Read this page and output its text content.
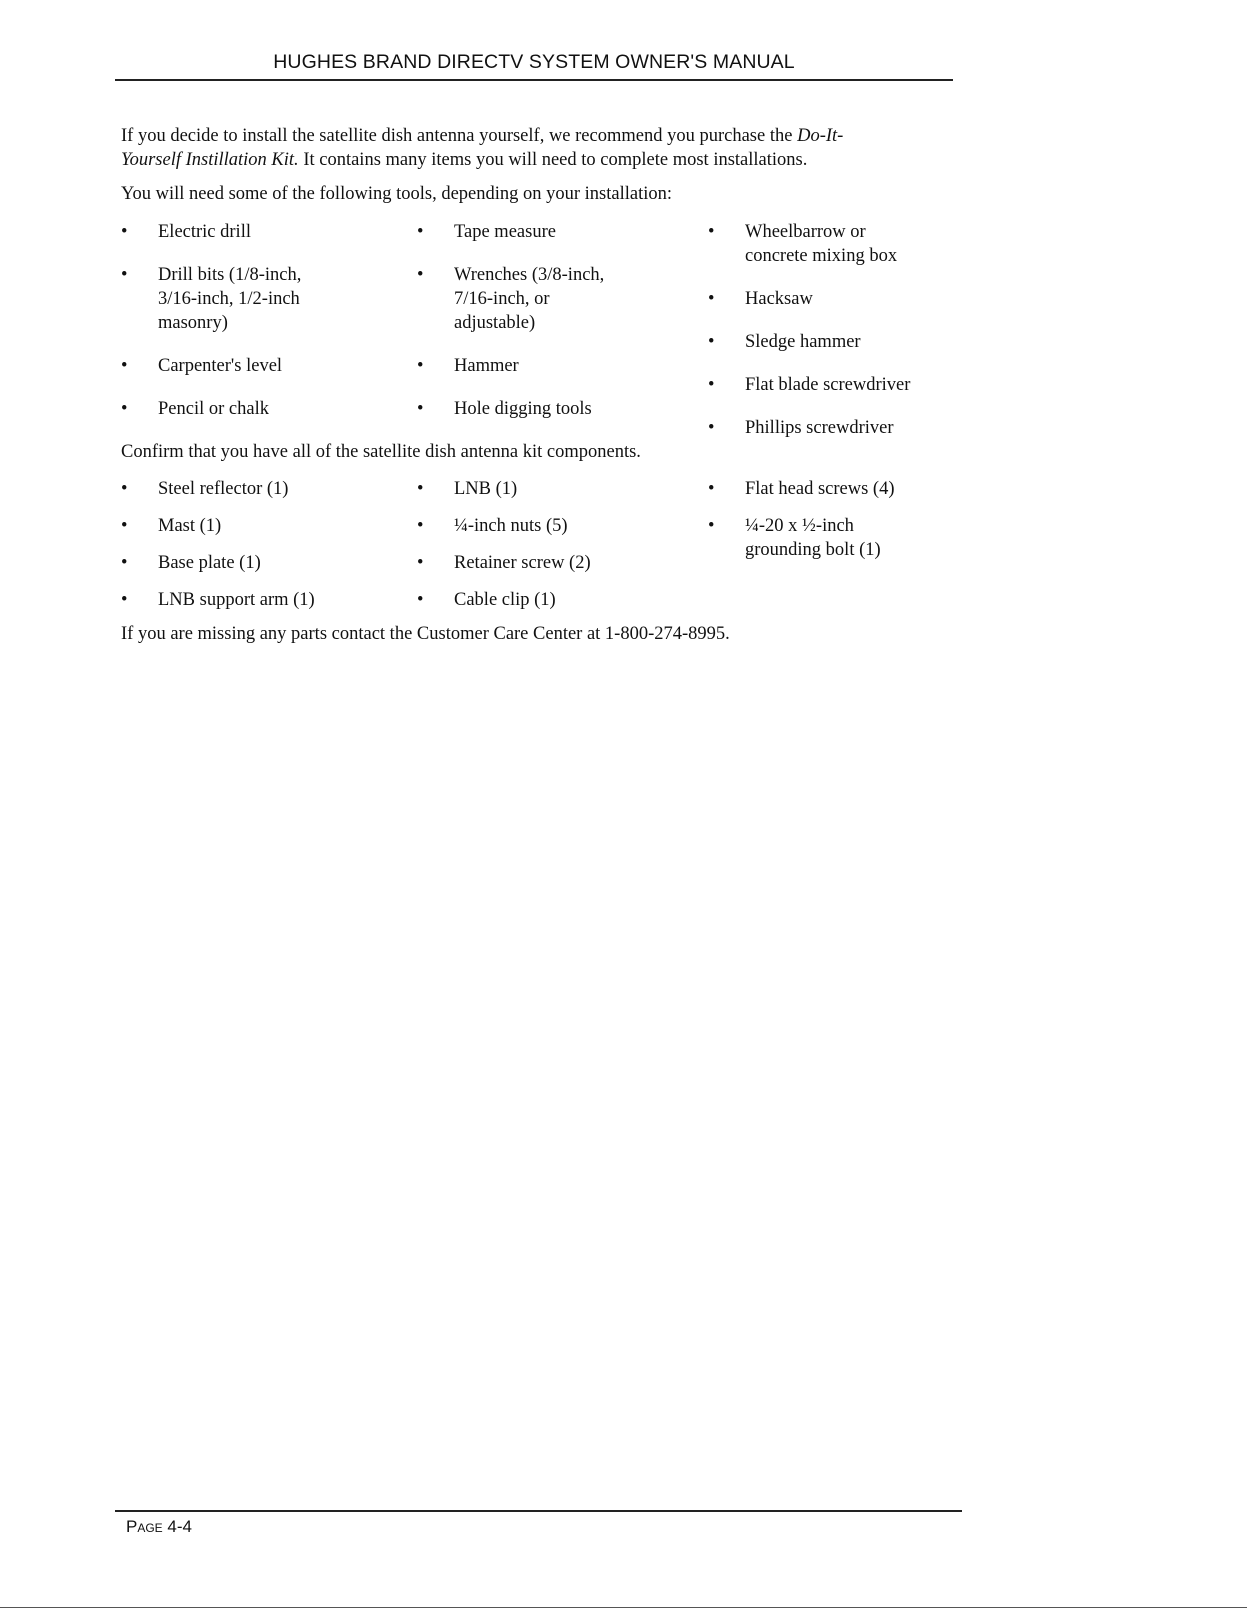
HUGHES BRAND DIRECTV SYSTEM OWNER'S MANUAL
If you decide to install the satellite dish antenna yourself, we recommend you purchase the Do-It-
Yourself Instillation Kit. It contains many items you will need to complete most installations.
You will need some of the following tools, depending on your installation:
• Electric drill
• Drill bits (1/8-inch,
3/16-inch, 1/2-inch
masonry)
• Carpenter's level
• Pencil or chalk
• Tape measure
• Wrenches (3/8-inch,
7/16-inch, or
adjustable)
• Hammer
• Hole digging tools
• Wheelbarrow or
concrete mixing box
• Hacksaw
• Sledge hammer
• Flat blade screwdriver
• Phillips screwdriver
Confirm that you have all of the satellite dish antenna kit components.
• Steel reflector (1)
• Mast (1)
• Base plate (1)
• LNB support arm (1)
• LNB (1)
• ¼-inch nuts (5)
• Retainer screw (2)
• Cable clip (1)
• Flat head screws (4)
• ¼-20 x ½-inch
grounding bolt (1)
If you are missing any parts contact the Customer Care Center at 1-800-274-8995.
Page 4-4
